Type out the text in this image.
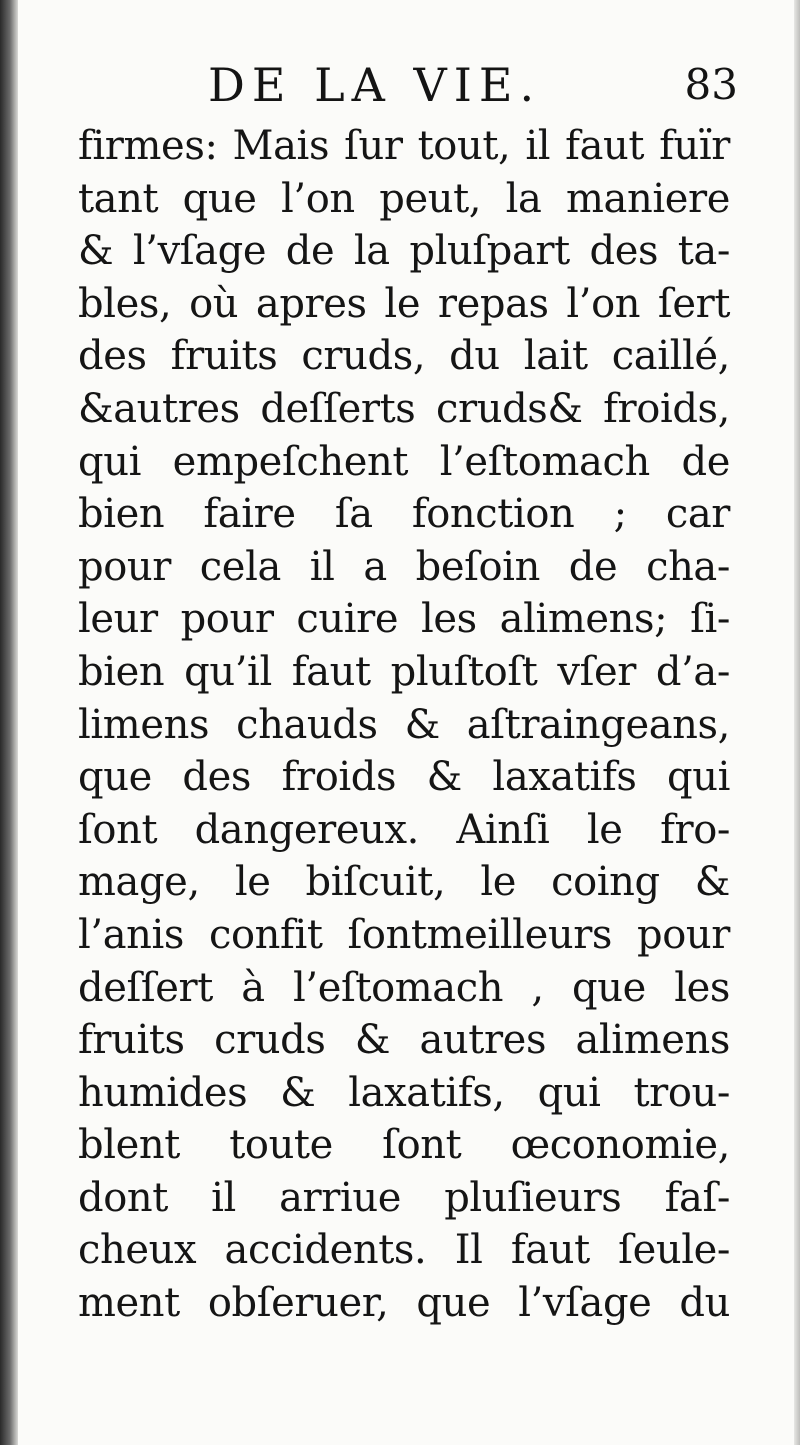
DE LA VIE.	83
firmes: Mais ſur tout, il faut fuïr
tant que l’on peut, la maniere
& l’vſage de la pluſpart des ta-
bles, où apres le repas l’on ſert
des fruits cruds, du lait caillé,
&autres deſſerts cruds& froids,
qui empeſchent l’eſtomach de
bien faire ſa fonction ; car
pour cela il a beſoin de cha-
leur pour cuire les alimens; ſi-
bien qu’il faut pluſtoſt vſer d’a-
limens chauds & aſtraingeans,
que des froids & laxatifs qui
ſont dangereux. Ainſi le fro-
mage, le biſcuit, le coing &
l’anis confit ſontmeilleurs pour
deſſert à l’eſtomach , que les
fruits cruds & autres alimens
humides & laxatifs, qui trou-
blent toute ſont œconomie,
dont il arriue pluſieurs faſ-
cheux accidents. Il faut ſeule-
ment obſeruer, que l’vſage du
